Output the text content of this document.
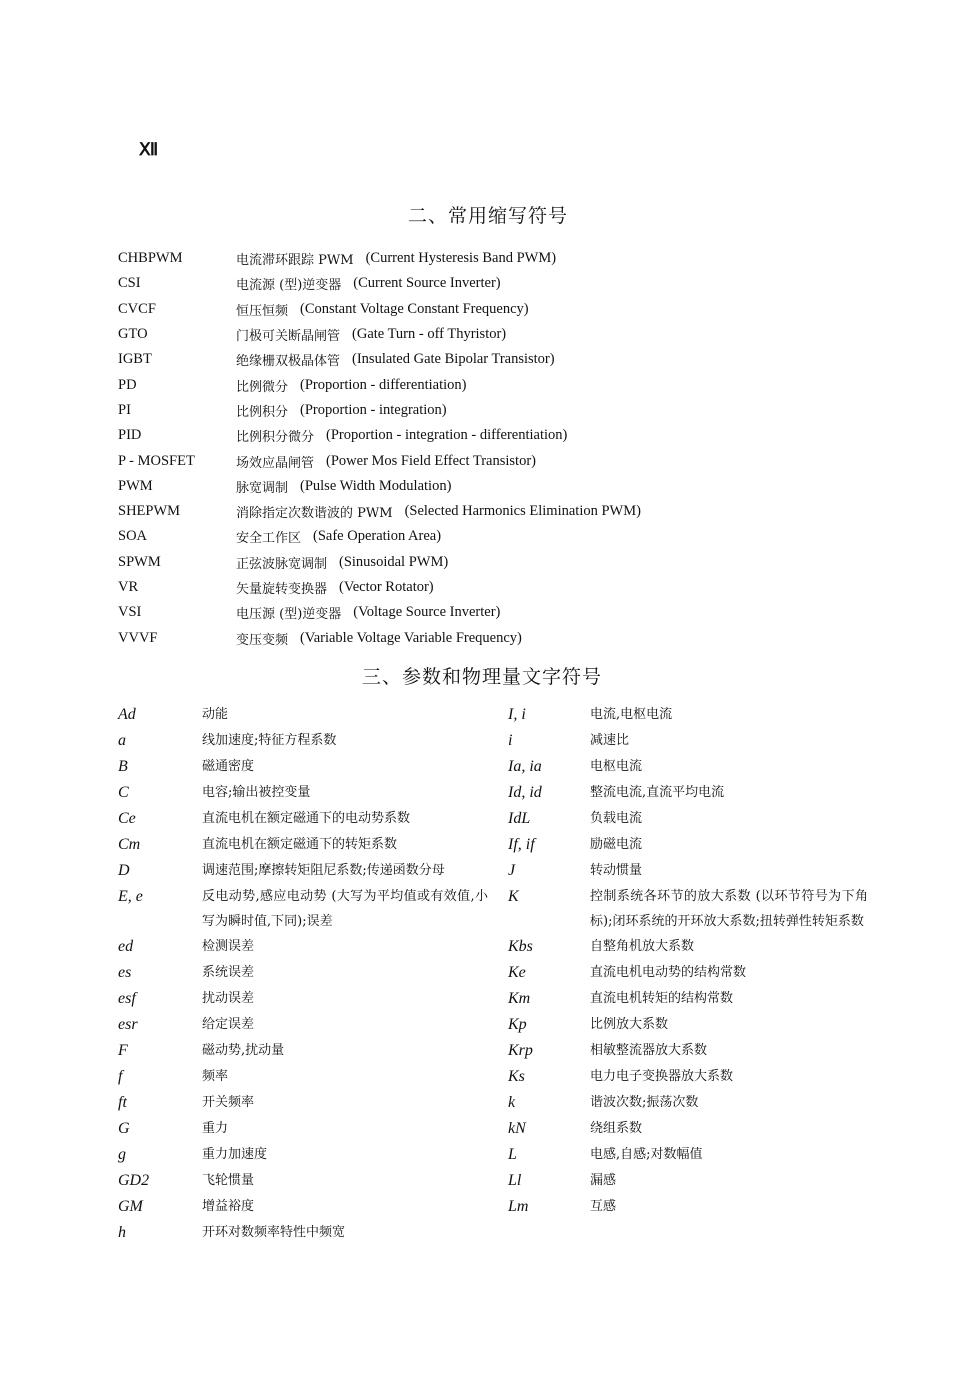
Ⅻ
二、常用缩写符号
CHBPWM	电流滞环跟踪 PWM (Current Hysteresis Band PWM)
CSI	电流源 (型)逆变器 (Current Source Inverter)
CVCF	恒压恒频 (Constant Voltage Constant Frequency)
GTO	门极可关断晶闸管 (Gate Turn - off Thyristor)
IGBT	绝缘栅双极晶体管 (Insulated Gate Bipolar Transistor)
PD	比例微分 (Proportion - differentiation)
PI	比例积分 (Proportion - integration)
PID	比例积分微分 (Proportion - integration - differentiation)
P - MOSFET	场效应晶闸管 (Power Mos Field Effect Transistor)
PWM	脉宽调制 (Pulse Width Modulation)
SHEPWM	消除指定次数谐波的 PWM (Selected Harmonics Elimination PWM)
SOA	安全工作区 (Safe Operation Area)
SPWM	正弦波脉宽调制 (Sinusoidal PWM)
VR	矢量旋转变换器 (Vector Rotator)
VSI	电压源 (型)逆变器 (Voltage Source Inverter)
VVVF	变压变频 (Variable Voltage Variable Frequency)
三、参数和物理量文字符号
Ad	动能
a	线加速度;特征方程系数
B	磁通密度
C	电容;输出被控变量
Ce	直流电机在额定磁通下的电动势系数
Cm	直流电机在额定磁通下的转矩系数
D	调速范围;摩擦转矩阻尼系数;传递函数分母
E, e	反电动势,感应电动势 (大写为平均值或有效值,小写为瞬时值,下同);误差
ed	检测误差
es	系统误差
esf	扰动误差
esr	给定误差
F	磁动势,扰动量
f	频率
ft	开关频率
G	重力
g	重力加速度
GD2	飞轮惯量
GM	增益裕度
h	开环对数频率特性中频宽
I, i	电流,电枢电流
i	减速比
Ia, ia	电枢电流
Id, id	整流电流,直流平均电流
IdL	负载电流
If, if	励磁电流
J	转动惯量
K	控制系统各环节的放大系数 (以环节符号为下角标);闭环系统的开环放大系数;扭转弹性转矩系数
Kbs	自整角机放大系数
Ke	直流电机电动势的结构常数
Km	直流电机转矩的结构常数
Kp	比例放大系数
Krp	相敏整流器放大系数
Ks	电力电子变换器放大系数
k	谐波次数;振荡次数
kN	绕组系数
L	电感,自感;对数幅值
Ll	漏感
Lm	互感
